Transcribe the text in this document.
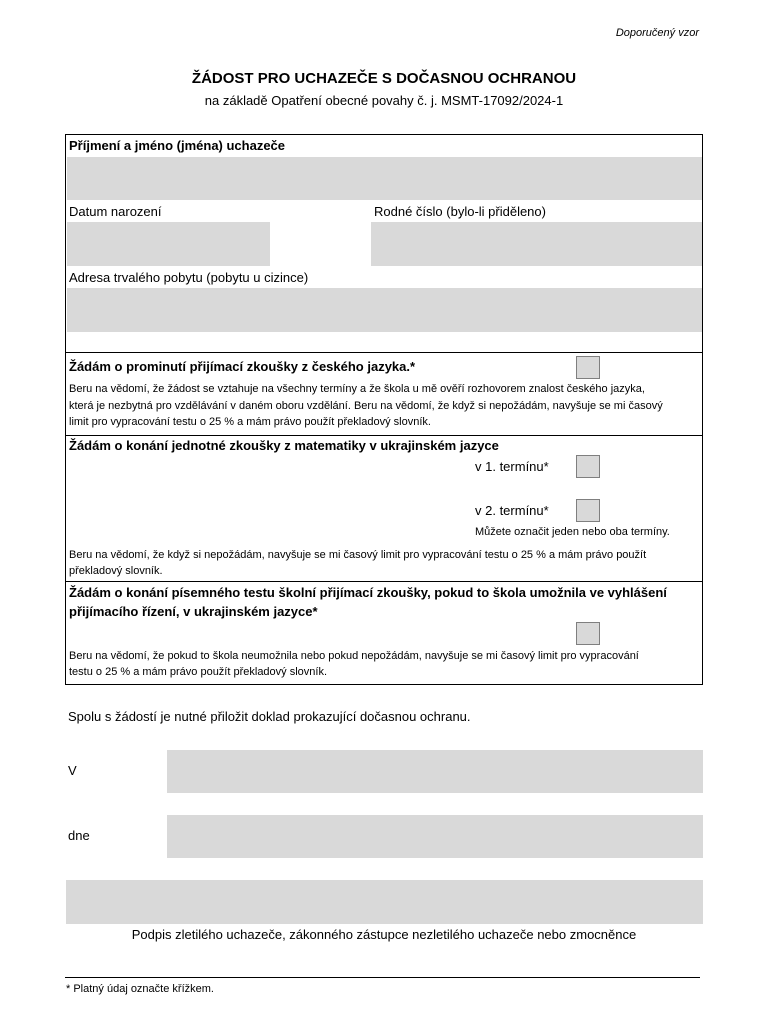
Doporučený vzor
ŽÁDOST PRO UCHAZEČE S DOČASNOU OCHRANOU
na základě Opatření obecné povahy č. j. MSMT-17092/2024-1
Příjmení a jméno (jména) uchazeče
Datum narození	Rodné číslo (bylo-li přiděleno)
Adresa trvalého pobytu (pobytu u cizince)
Žádám o prominutí přijímací zkoušky z českého jazyka.*
Beru na vědomí, že žádost se vztahuje na všechny termíny a že škola u mě ověří rozhovorem znalost českého jazyka,
která je nezbytná pro vzdělávání v daném oboru vzdělání. Beru na vědomí, že když si nepožádám, navyšuje se mi časový
limit pro vypracování testu o 25 % a mám právo použít překladový slovník.
Žádám o konání jednotné zkoušky z matematiky v ukrajinském jazyce
v 1. termínu*
v 2. termínu*
Můžete označit jeden nebo oba termíny.
Beru na vědomí, že když si nepožádám, navyšuje se mi časový limit pro vypracování testu o 25 % a mám právo použít
překladový slovník.
Žádám o konání písemného testu školní přijímací zkoušky, pokud to škola umožnila ve vyhlášení
přijímacího řízení, v ukrajinském jazyce*
Beru na vědomí, že pokud to škola neumožnila nebo pokud nepožádám, navyšuje se mi časový limit pro vypracování
testu o 25 % a mám právo použít překladový slovník.
Spolu s žádostí je nutné přiložit doklad prokazující dočasnou ochranu.
V
dne
Podpis zletilého uchazeče, zákonného zástupce nezletilého uchazeče nebo zmocněnce
* Platný údaj označte křížkem.
